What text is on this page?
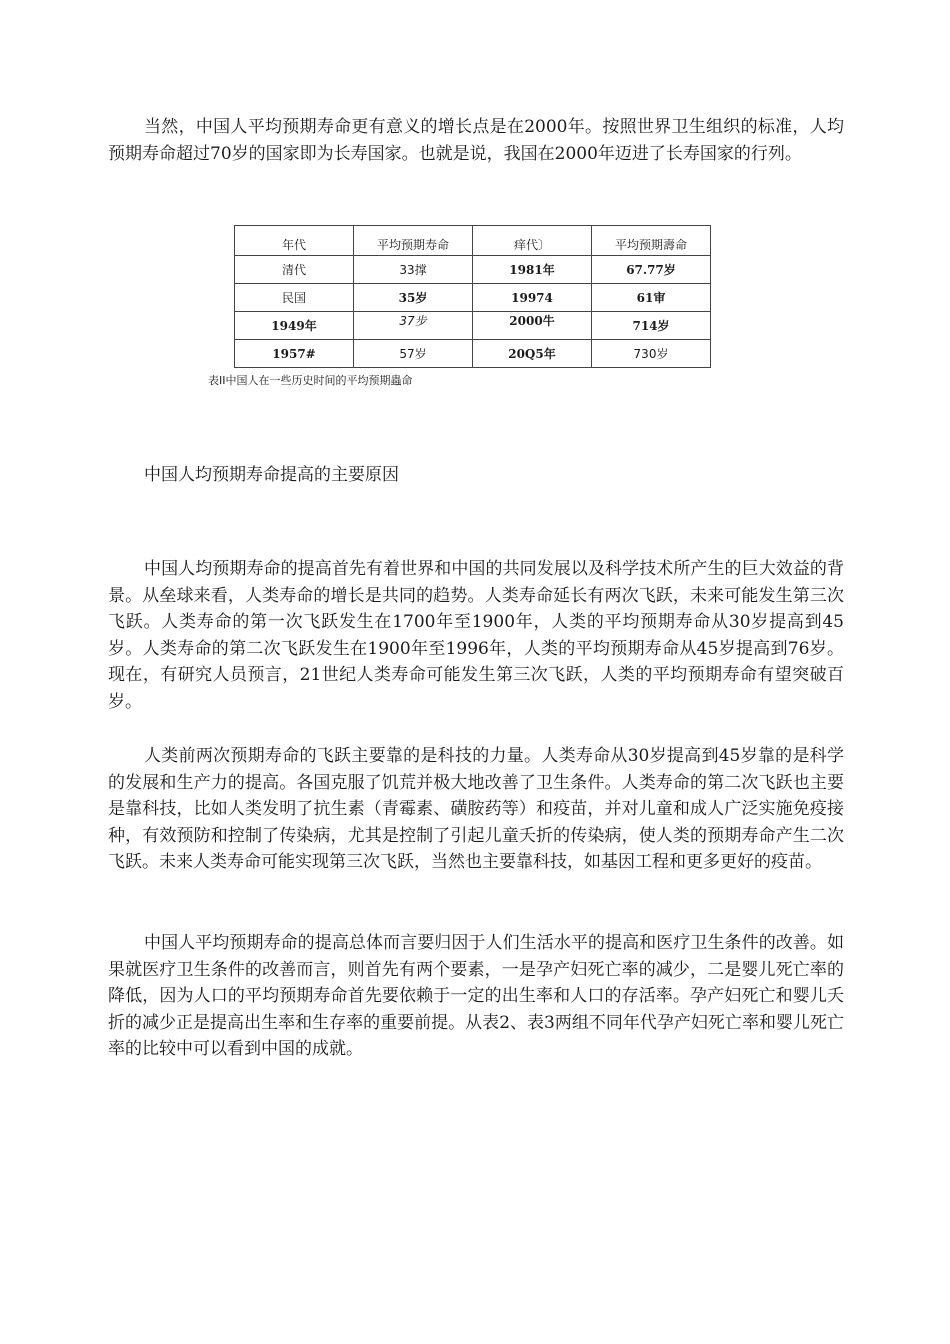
当然，中国人平均预期寿命更有意义的增长点是在2000年。按照世界卫生组织的标准，人均预期寿命超过70岁的国家即为长寿国家。也就是说，我国在2000年迈进了长寿国家的行列。

年代	平均预期寿命	痒代〕	平均预期壽命
清代	33撑	1981年	67.77岁
民国	35岁	19974	61审
1949年	37步	2000牛	714岁
1957#	57岁	20Q5年	730岁
表II中国人在一些历史时间的平均预期蟲命

中国人均预期寿命提高的主要原因

中国人均预期寿命的提高首先有着世界和中国的共同发展以及科学技术所产生的巨大效益的背景。从垒球来看，人类寿命的增长是共同的趋势。人类寿命延长有两次飞跃，未来可能发生第三次飞跃。人类寿命的第一次飞跃发生在1700年至1900年，人类的平均预期寿命从30岁提高到45岁。人类寿命的第二次飞跃发生在1900年至1996年，人类的平均预期寿命从45岁提高到76岁。现在，有研究人员预言，21世纪人类寿命可能发生第三次飞跃，人类的平均预期寿命有望突破百岁。

人类前两次预期寿命的飞跃主要靠的是科技的力量。人类寿命从30岁提高到45岁靠的是科学的发展和生产力的提高。各国克服了饥荒并极大地改善了卫生条件。人类寿命的第二次飞跃也主要是靠科技，比如人类发明了抗生素（青霉素、磺胺药等）和疫苗，并对儿童和成人广泛实施免疫接种，有效预防和控制了传染病，尤其是控制了引起儿童夭折的传染病，使人类的预期寿命产生二次飞跃。未来人类寿命可能实现第三次飞跃，当然也主要靠科技，如基因工程和更多更好的疫苗。

中国人平均预期寿命的提高总体而言要归因于人们生活水平的提高和医疗卫生条件的改善。如果就医疗卫生条件的改善而言，则首先有两个要素，一是孕产妇死亡率的减少，二是婴儿死亡率的降低，因为人口的平均预期寿命首先要依赖于一定的出生率和人口的存活率。孕产妇死亡和婴儿夭折的减少正是提高出生率和生存率的重要前提。从表2、表3两组不同年代孕产妇死亡率和婴儿死亡率的比较中可以看到中国的成就。
